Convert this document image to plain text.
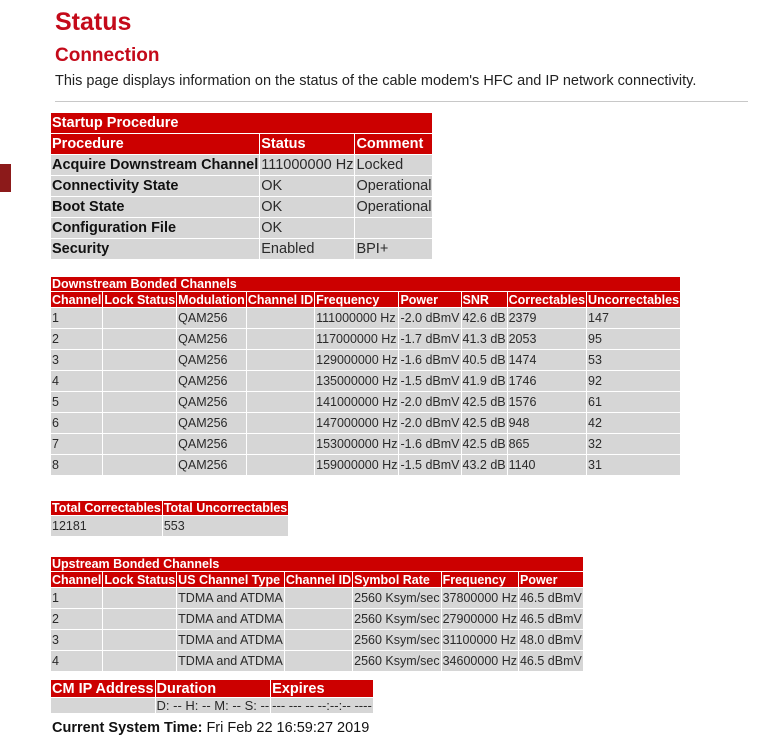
Status
Connection

This page displays information on the status of the cable modem's HFC and IP network connectivity.

Startup Procedure		
Procedure	Status	Comment
Acquire Downstream Channel	111000000 Hz	Locked
Connectivity State	OK	Operational
Boot State	OK	Operational
Configuration File	OK	
Security	Enabled	BPI+
Downstream Bonded Channels								
Channel	Lock Status	Modulation	Channel ID	Frequency	Power	SNR	Correctables	Uncorrectables
1		QAM256		111000000 Hz	-2.0 dBmV	42.6 dB	2379	147
2		QAM256		117000000 Hz	-1.7 dBmV	41.3 dB	2053	95
3		QAM256		129000000 Hz	-1.6 dBmV	40.5 dB	1474	53
4		QAM256		135000000 Hz	-1.5 dBmV	41.9 dB	1746	92
5		QAM256		141000000 Hz	-2.0 dBmV	42.5 dB	1576	61
6		QAM256		147000000 Hz	-2.0 dBmV	42.5 dB	948	42
7		QAM256		153000000 Hz	-1.6 dBmV	42.5 dB	865	32
8		QAM256		159000000 Hz	-1.5 dBmV	43.2 dB	1140	31
Total Correctables	Total Uncorrectables
12181	553
Upstream Bonded Channels						
Channel	Lock Status	US Channel Type	Channel ID	Symbol Rate	Frequency	Power
1		TDMA and ATDMA		2560 Ksym/sec	37800000 Hz	46.5 dBmV
2		TDMA and ATDMA		2560 Ksym/sec	27900000 Hz	46.5 dBmV
3		TDMA and ATDMA		2560 Ksym/sec	31100000 Hz	48.0 dBmV
4		TDMA and ATDMA		2560 Ksym/sec	34600000 Hz	46.5 dBmV
CM IP Address	Duration	Expires
	D: -- H: -- M: -- S: --	--- --- -- --:--:-- ----
Current System Time: Fri Feb 22 16:59:27 2019
